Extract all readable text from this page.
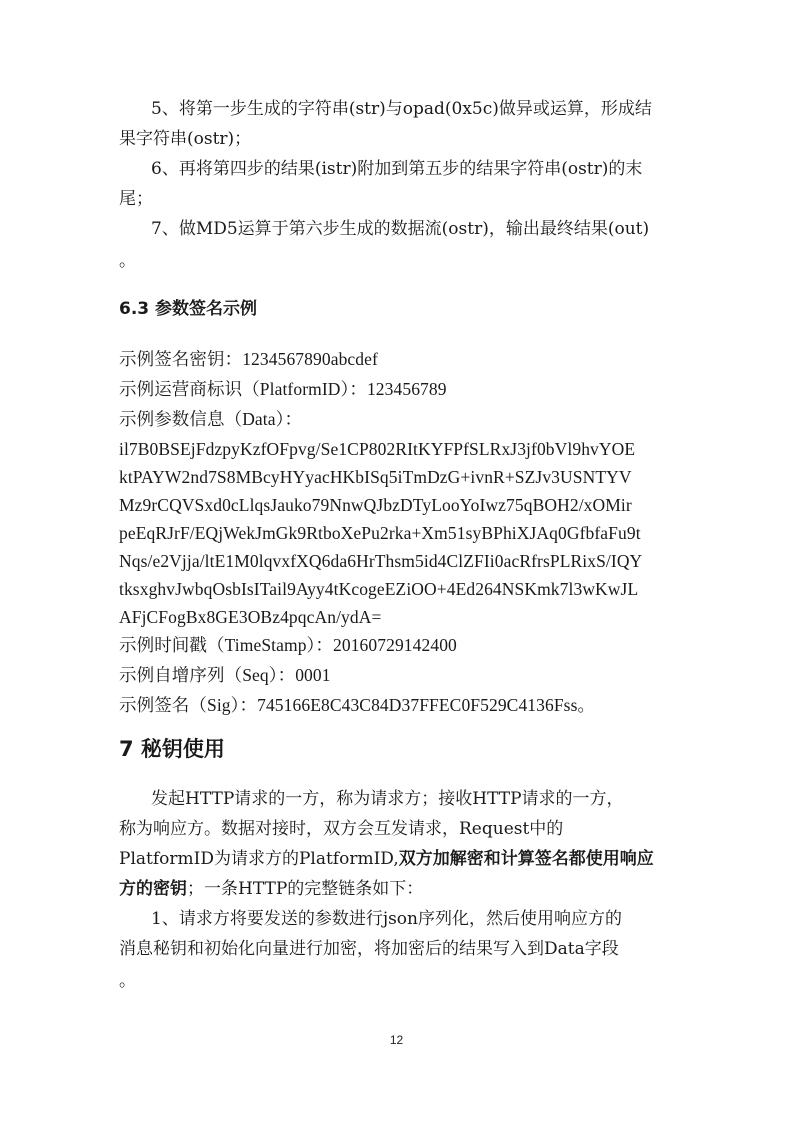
5、将第一步生成的字符串(str)与opad(0x5c)做异或运算，形成结

果字符串(ostr)；

6、再将第四步的结果(istr)附加到第五步的结果字符串(ostr)的末

尾；

7、做MD5运算于第六步生成的数据流(ostr)，输出最终结果(out)

。

6.3 参数签名示例

示例签名密钥：1234567890abcdef

示例运营商标识（PlatformID）：123456789

示例参数信息（Data）：

il7B0BSEjFdzpyKzfOFpvg/Se1CP802RItKYFPfSLRxJ3jf0bVl9hvYOE

ktPAYW2nd7S8MBcyHYyacHKbISq5iTmDzG+ivnR+SZJv3USNTYV

Mz9rCQVSxd0cLlqsJauko79NnwQJbzDTyLooYoIwz75qBOH2/xOMir

peEqRJrF/EQjWekJmGk9RtboXePu2rka+Xm51syBPhiXJAq0GfbfaFu9t

Nqs/e2Vjja/ltE1M0lqvxfXQ6da6HrThsm5id4ClZFIi0acRfrsPLRixS/IQY

tksxghvJwbqOsbIsITail9Ayy4tKcogeEZiOO+4Ed264NSKmk7l3wKwJL

AFjCFogBx8GE3OBz4pqcAn/ydA=

示例时间戳（TimeStamp）：20160729142400

示例自增序列（Seq）：0001

示例签名（Sig）：745166E8C43C84D37FFEC0F529C4136Fss。

7 秘钥使用

发起HTTP请求的一方，称为请求方；接收HTTP请求的一方，

称为响应方。数据对接时，双方会互发请求，Request中的

PlatformID为请求方的PlatformID,双方加解密和计算签名都使用响应

方的密钥；一条HTTP的完整链条如下：

1、请求方将要发送的参数进行json序列化，然后使用响应方的

消息秘钥和初始化向量进行加密，将加密后的结果写入到Data字段

。

12
